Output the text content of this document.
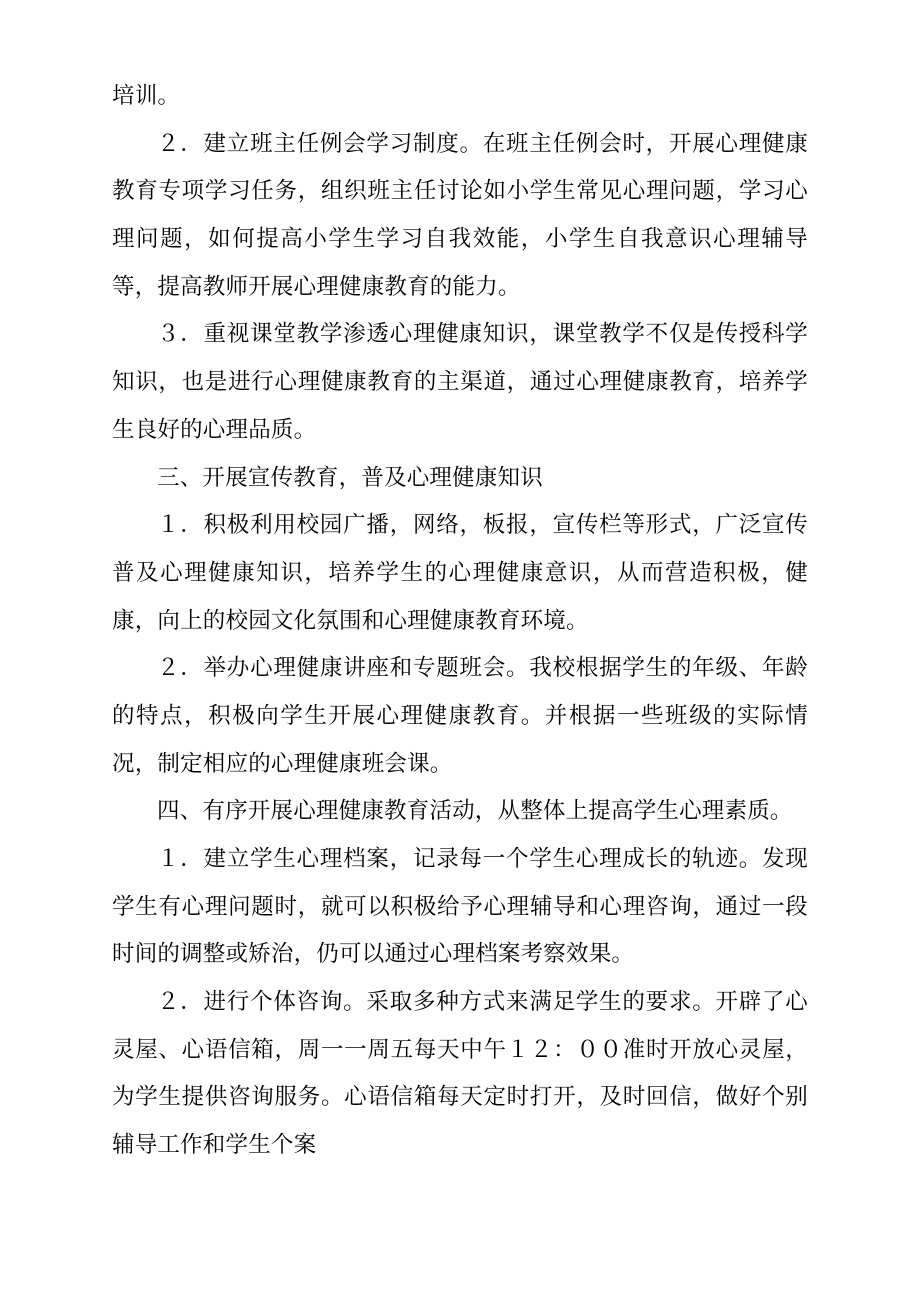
培训。

２．建立班主任例会学习制度。在班主任例会时，开展心理健康教育专项学习任务，组织班主任讨论如小学生常见心理问题，学习心理问题，如何提高小学生学习自我效能，小学生自我意识心理辅导等，提高教师开展心理健康教育的能力。

３．重视课堂教学渗透心理健康知识，课堂教学不仅是传授科学知识，也是进行心理健康教育的主渠道，通过心理健康教育，培养学生良好的心理品质。

三、开展宣传教育，普及心理健康知识

１．积极利用校园广播，网络，板报，宣传栏等形式，广泛宣传普及心理健康知识，培养学生的心理健康意识，从而营造积极，健康，向上的校园文化氛围和心理健康教育环境。

２．举办心理健康讲座和专题班会。我校根据学生的年级、年龄的特点，积极向学生开展心理健康教育。并根据一些班级的实际情况，制定相应的心理健康班会课。

四、有序开展心理健康教育活动，从整体上提高学生心理素质。

１．建立学生心理档案，记录每一个学生心理成长的轨迹。发现学生有心理问题时，就可以积极给予心理辅导和心理咨询，通过一段时间的调整或矫治，仍可以通过心理档案考察效果。

２．进行个体咨询。采取多种方式来满足学生的要求。开辟了心灵屋、心语信箱，周一一周五每天中午１２：００准时开放心灵屋，为学生提供咨询服务。心语信箱每天定时打开，及时回信，做好个别辅导工作和学生个案
